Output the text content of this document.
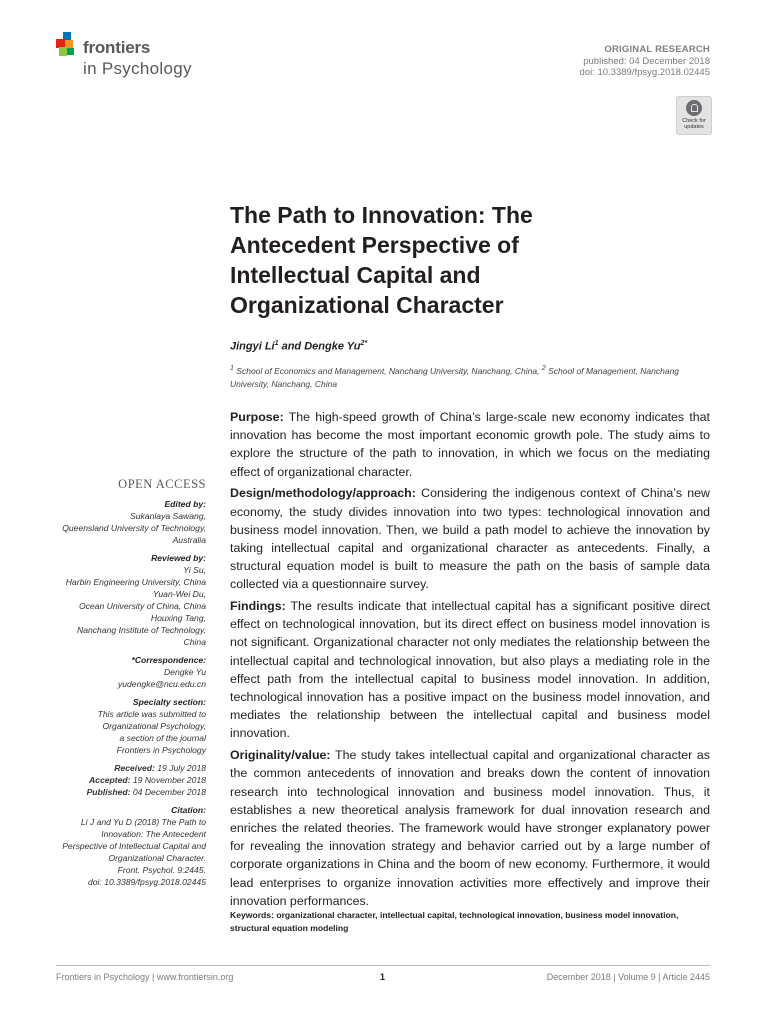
frontiers
in Psychology
ORIGINAL RESEARCH
published: 04 December 2018
doi: 10.3389/fpsyg.2018.02445
Check for updates
The Path to Innovation: The Antecedent Perspective of Intellectual Capital and Organizational Character
Jingyi Li$^1$ and Dengke $Yu^{2*}$
$^1$ School of Economics and Management, Nanchang University, Nanchang, China, $^2$ School of Management, Nanchang University, Nanchang, China
OPEN ACCESS
Edited by:
Sukanlaya Sawang,
Queensland University of Technology,
Australia
Reviewed by:
Yi Su,
Harbin Engineering University, China
Yuan-Wei Du,
Ocean University of China, China
Houxing Tang,
Nanchang Institute of Technology,
China
*Correspondence:
Dengke Yu
yudengke@ncu.edu.cn
Specialty section:
This article was submitted to
Organizational Psychology,
a section of the journal
Frontiers in Psychology
Received: 19 July 2018
Accepted: 19 November 2018
Published: 04 December 2018
Citation:
Li J and Yu D (2018) The Path to
Innovation: The Antecedent
Perspective of Intellectual Capital and
Organizational Character.
Front. Psychol. 9:2445.
doi: 10.3389/fpsyg.2018.02445

Purpose: The high-speed growth of China’s large-scale new economy indicates that innovation has become the most important economic growth pole. The study aims to explore the structure of the path to innovation, in which we focus on the mediating effect of organizational character.

Design/methodology/approach: Considering the indigenous context of China’s new economy, the study divides innovation into two types: technological innovation and business model innovation. Then, we build a path model to achieve the innovation by taking intellectual capital and organizational character as antecedents. Finally, a structural equation model is built to measure the path on the basis of sample data collected via a questionnaire survey.

Findings: The results indicate that intellectual capital has a significant positive direct effect on technological innovation, but its direct effect on business model innovation is not significant. Organizational character not only mediates the relationship between the intellectual capital and technological innovation, but also plays a mediating role in the effect path from the intellectual capital to business model innovation. In addition, technological innovation has a positive impact on the business model innovation, and mediates the relationship between the intellectual capital and business model innovation.

Originality/value: The study takes intellectual capital and organizational character as the common antecedents of innovation and breaks down the content of innovation research into technological innovation and business model innovation. Thus, it establishes a new theoretical analysis framework for dual innovation research and enriches the related theories. The framework would have stronger explanatory power for revealing the innovation strategy and behavior carried out by a large number of corporate organizations in China and the boom of new economy. Furthermore, it would lead enterprises to organize innovation activities more effectively and improve their innovation performances.

Keywords: organizational character, intellectual capital, technological innovation, business model innovation, structural equation modeling
Frontiers in Psychology | www.frontiersin.org	1	December 2018 | Volume 9 | Article 2445
